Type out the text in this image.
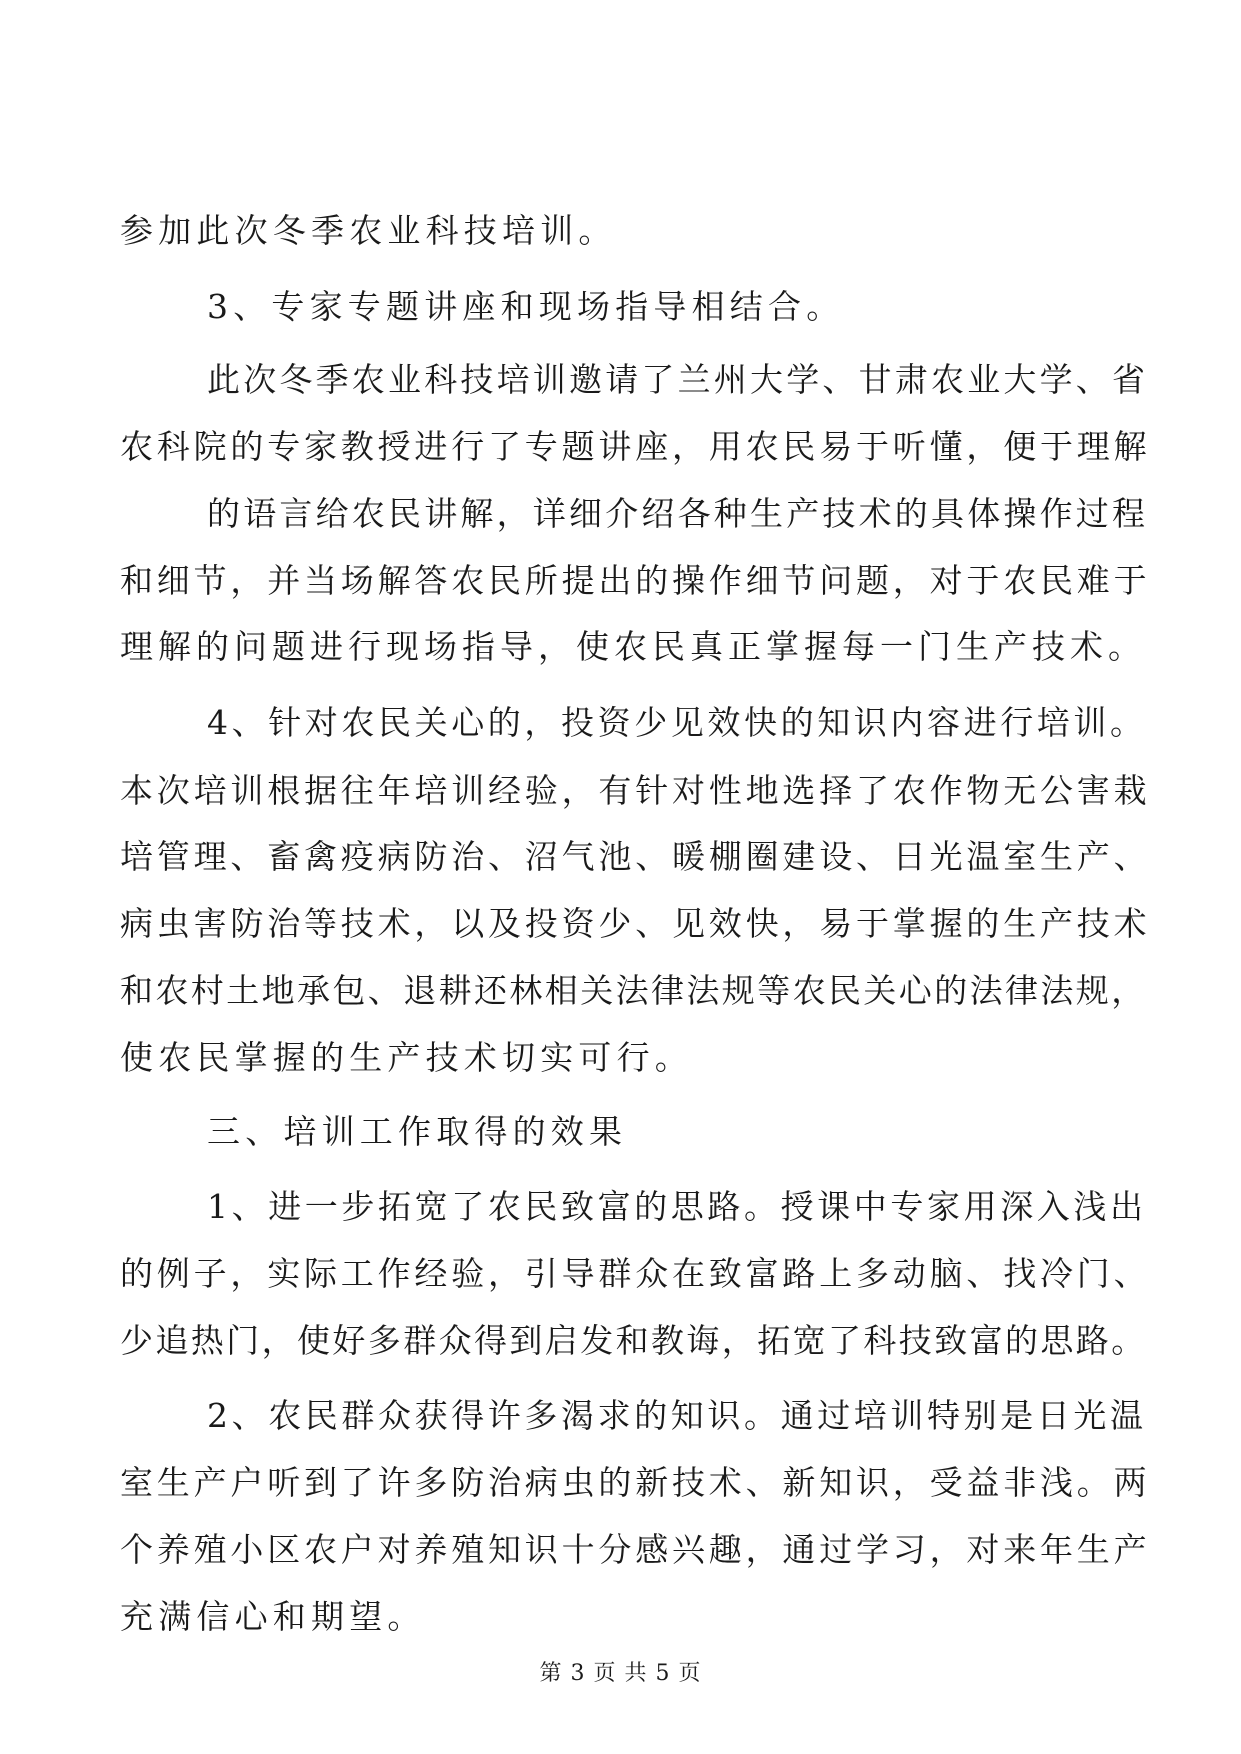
参加此次冬季农业科技培训。
3、专家专题讲座和现场指导相结合。
此次冬季农业科技培训邀请了兰州大学、甘肃农业大学、省
农科院的专家教授进行了专题讲座，用农民易于听懂，便于理解
的语言给农民讲解，详细介绍各种生产技术的具体操作过程
和细节，并当场解答农民所提出的操作细节问题，对于农民难于
理解的问题进行现场指导，使农民真正掌握每一门生产技术。
4、针对农民关心的，投资少见效快的知识内容进行培训。
本次培训根据往年培训经验，有针对性地选择了农作物无公害栽
培管理、畜禽疫病防治、沼气池、暖棚圈建设、日光温室生产、
病虫害防治等技术，以及投资少、见效快，易于掌握的生产技术
和农村土地承包、退耕还林相关法律法规等农民关心的法律法规，
使农民掌握的生产技术切实可行。
三、培训工作取得的效果
1、进一步拓宽了农民致富的思路。授课中专家用深入浅出
的例子，实际工作经验，引导群众在致富路上多动脑、找冷门、
少追热门，使好多群众得到启发和教诲，拓宽了科技致富的思路。
2、农民群众获得许多渴求的知识。通过培训特别是日光温
室生产户听到了许多防治病虫的新技术、新知识，受益非浅。两
个养殖小区农户对养殖知识十分感兴趣，通过学习，对来年生产
第 3 页 共 5 页
充满信心和期望。
